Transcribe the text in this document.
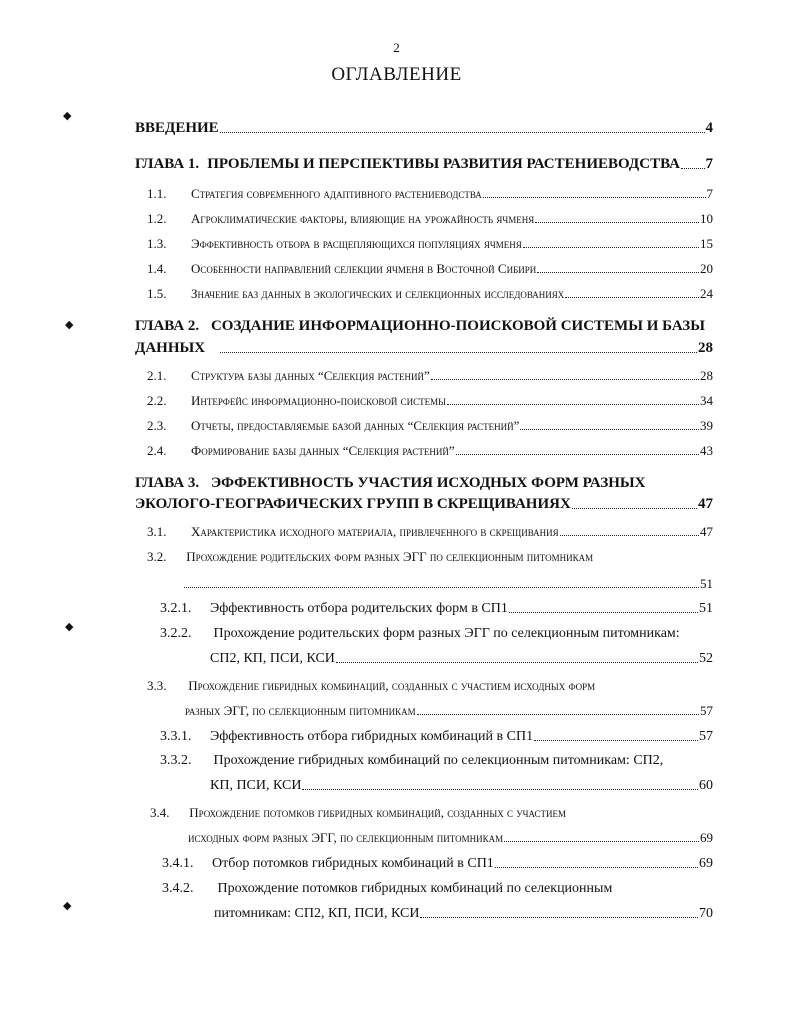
2
ОГЛАВЛЕНИЕ
ВВЕДЕНИЕ	4
ГЛАВА 1. ПРОБЛЕМЫ И ПЕРСПЕКТИВЫ РАЗВИТИЯ РАСТЕНИЕВОДСТВА 7
1.1.	Стратегия современного адаптивного растениеводства	7
1.2.	Агроклиматические факторы, влияющие на урожайность ячменя	10
1.3.	Эффективность отбора в расщепляющихся популяциях ячменя	15
1.4.	Особенности направлений селекции ячменя в Восточной Сибири	20
1.5.	Значение баз данных в экологических и селекционных исследованиях	24
ГЛАВА 2. СОЗДАНИЕ ИНФОРМАЦИОННО-ПОИСКОВОЙ СИСТЕМЫ И БАЗЫ
ДАННЫХ	28
2.1.	Структура базы данных “Селекция растений”	28
2.2.	Интерфейс информационно-поисковой системы	34
2.3.	Отчеты, предоставляемые базой данных “Селекция растений”	39
2.4.	Формирование базы данных “Селекция растений”	43
ГЛАВА 3. ЭФФЕКТИВНОСТЬ УЧАСТИЯ ИСХОДНЫХ ФОРМ РАЗНЫХ
ЭКОЛОГО-ГЕОГРАФИЧЕСКИХ ГРУПП В СКРЕЩИВАНИЯХ	47
3.1.	Характеристика исходного материала, привлеченного в скрещивания	47
3.2. Прохождение родительских форм разных ЭГГ по селекционным питомникам
51
3.2.1.	Эффективность отбора родительских форм в СП1	51
3.2.2. Прохождение родительских форм разных ЭГГ по селекционным питомникам:
СП2, КП, ПСИ, КСИ	52
3.3. Прохождение гибридных комбинаций, созданных с участием исходных форм
разных ЭГГ, по селекционным питомникам	57
3.3.1.	Эффективность отбора гибридных комбинаций в СП1	57
3.3.2. Прохождение гибридных комбинаций по селекционным питомникам: СП2,
КП, ПСИ, КСИ	60
3.4. Прохождение потомков гибридных комбинаций, созданных с участием
исходных форм разных ЭГГ, по селекционным питомникам	69
3.4.1.	Отбор потомков гибридных комбинаций в СП1	69
3.4.2. Прохождение потомков гибридных комбинаций по селекционным
питомникам: СП2, КП, ПСИ, КСИ	70
